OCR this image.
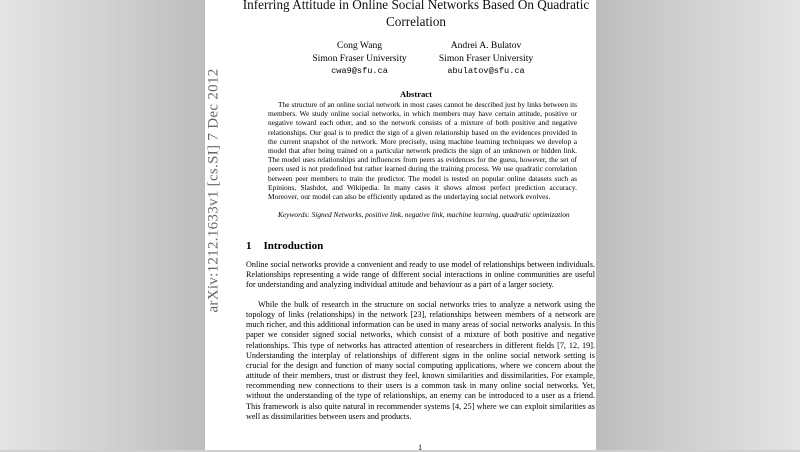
arXiv:1212.1633v1 [cs.SI] 7 Dec 2012
Inferring Attitude in Online Social Networks Based On Quadratic Correlation
Cong Wang
Simon Fraser University
cwa9@sfu.ca
Andrei A. Bulatov
Simon Fraser University
abulatov@sfu.ca
Abstract
The structure of an online social network in most cases cannot be described just by links between its members. We study online social networks, in which members may have certain attitude, positive or negative toward each other, and so the network consists of a mixture of both positive and negative relationships. Our goal is to predict the sign of a given relationship based on the evidences provided in the current snapshot of the network. More precisely, using machine learning techniques we develop a model that after being trained on a particular network predicts the sign of an unknown or hidden link. The model uses relationships and influences from peers as evidences for the guess, however, the set of peers used is not predefined but rather learned during the training process. We use quadratic correlation between peer members to train the predictor. The model is tested on popular online datasets such as Epinions, Slashdot, and Wikipedia. In many cases it shows almost perfect prediction accuracy. Moreover, our model can also be efficiently updated as the underlaying social network evolves.
Keywords: Signed Networks, positive link, negative link, machine learning, quadratic optimization
1 Introduction
Online social networks provide a convenient and ready to use model of relationships between individuals. Relationships representing a wide range of different social interactions in online communities are useful for understanding and analyzing individual attitude and behaviour as a part of a larger society.
While the bulk of research in the structure on social networks tries to analyze a network using the topology of links (relationships) in the network [23], relationships between members of a network are much richer, and this additional information can be used in many areas of social networks analysis. In this paper we consider signed social networks, which consist of a mixture of both positive and negative relationships. This type of networks has attracted attention of researchers in different fields [7, 12, 19]. Understanding the interplay of relationships of different signs in the online social network setting is crucial for the design and function of many social computing applications, where we concern about the attitude of their members, trust or distrust they feel, known similarities and dissimilarities. For example, recommending new connections to their users is a common task in many online social networks. Yet, without the understanding of the type of relationships, an enemy can be introduced to a user as a friend. This framework is also quite natural in recommender systems [4, 25] where we can exploit similarities as well as dissimilarities between users and products.
1
